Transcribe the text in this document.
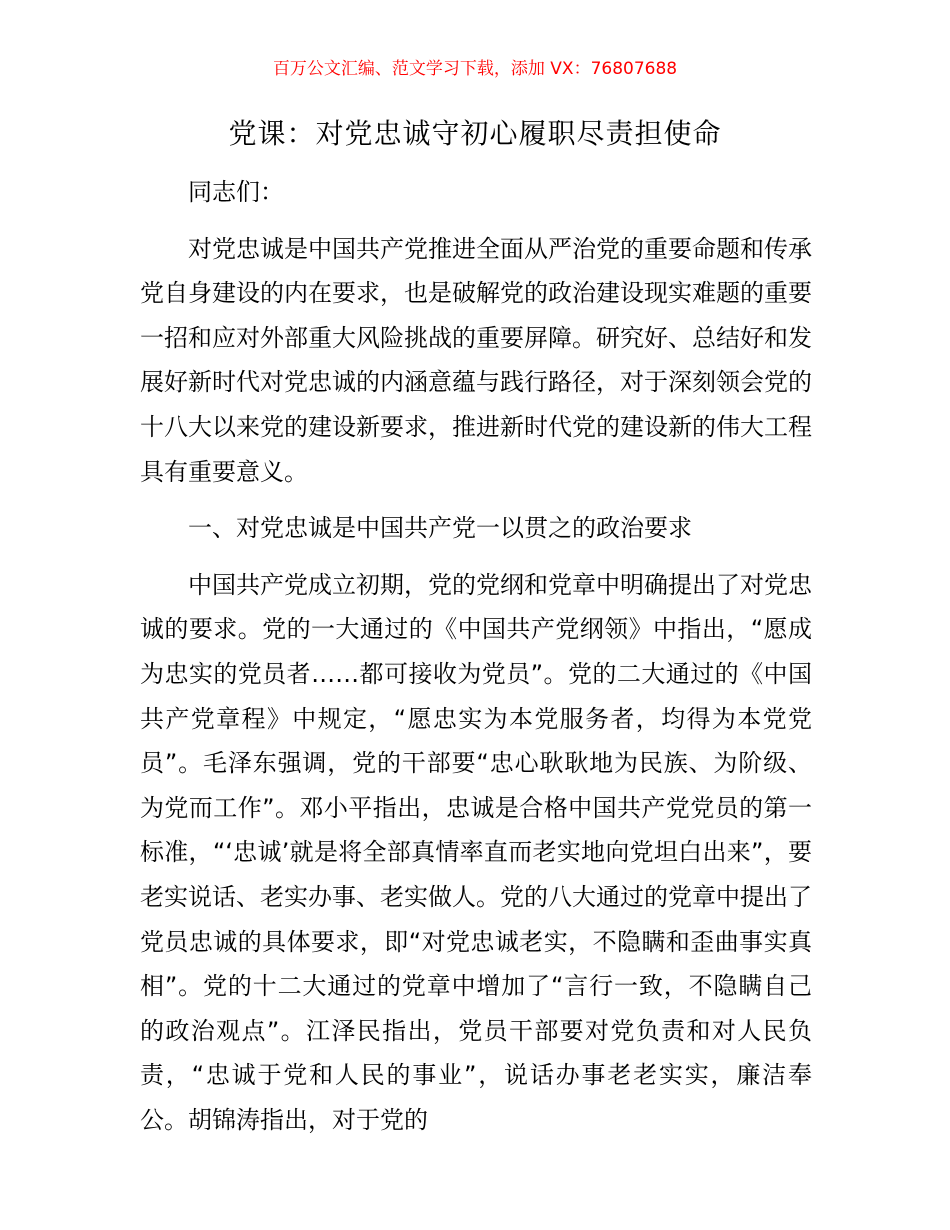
百万公文汇编、范文学习下载，添加 VX：76807688

党课：对党忠诚守初心履职尽责担使命

同志们：

对党忠诚是中国共产党推进全面从严治党的重要命题和传承党自身建设的内在要求，也是破解党的政治建设现实难题的重要一招和应对外部重大风险挑战的重要屏障。研究好、总结好和发展好新时代对党忠诚的内涵意蕴与践行路径，对于深刻领会党的十八大以来党的建设新要求，推进新时代党的建设新的伟大工程具有重要意义。

一、对党忠诚是中国共产党一以贯之的政治要求

中国共产党成立初期，党的党纲和党章中明确提出了对党忠诚的要求。党的一大通过的《中国共产党纲领》中指出，“愿成为忠实的党员者……都可接收为党员”。党的二大通过的《中国共产党章程》中规定，“愿忠实为本党服务者，均得为本党党员”。毛泽东强调，党的干部要“忠心耿耿地为民族、为阶级、为党而工作”。邓小平指出，忠诚是合格中国共产党党员的第一标准，“‘忠诚’就是将全部真情率直而老实地向党坦白出来”，要老实说话、老实办事、老实做人。党的八大通过的党章中提出了党员忠诚的具体要求，即“对党忠诚老实，不隐瞒和歪曲事实真相”。党的十二大通过的党章中增加了“言行一致，不隐瞒自己的政治观点”。江泽民指出，党员干部要对党负责和对人民负责，“忠诚于党和人民的事业”，说话办事老老实实，廉洁奉公。胡锦涛指出，对于党的
